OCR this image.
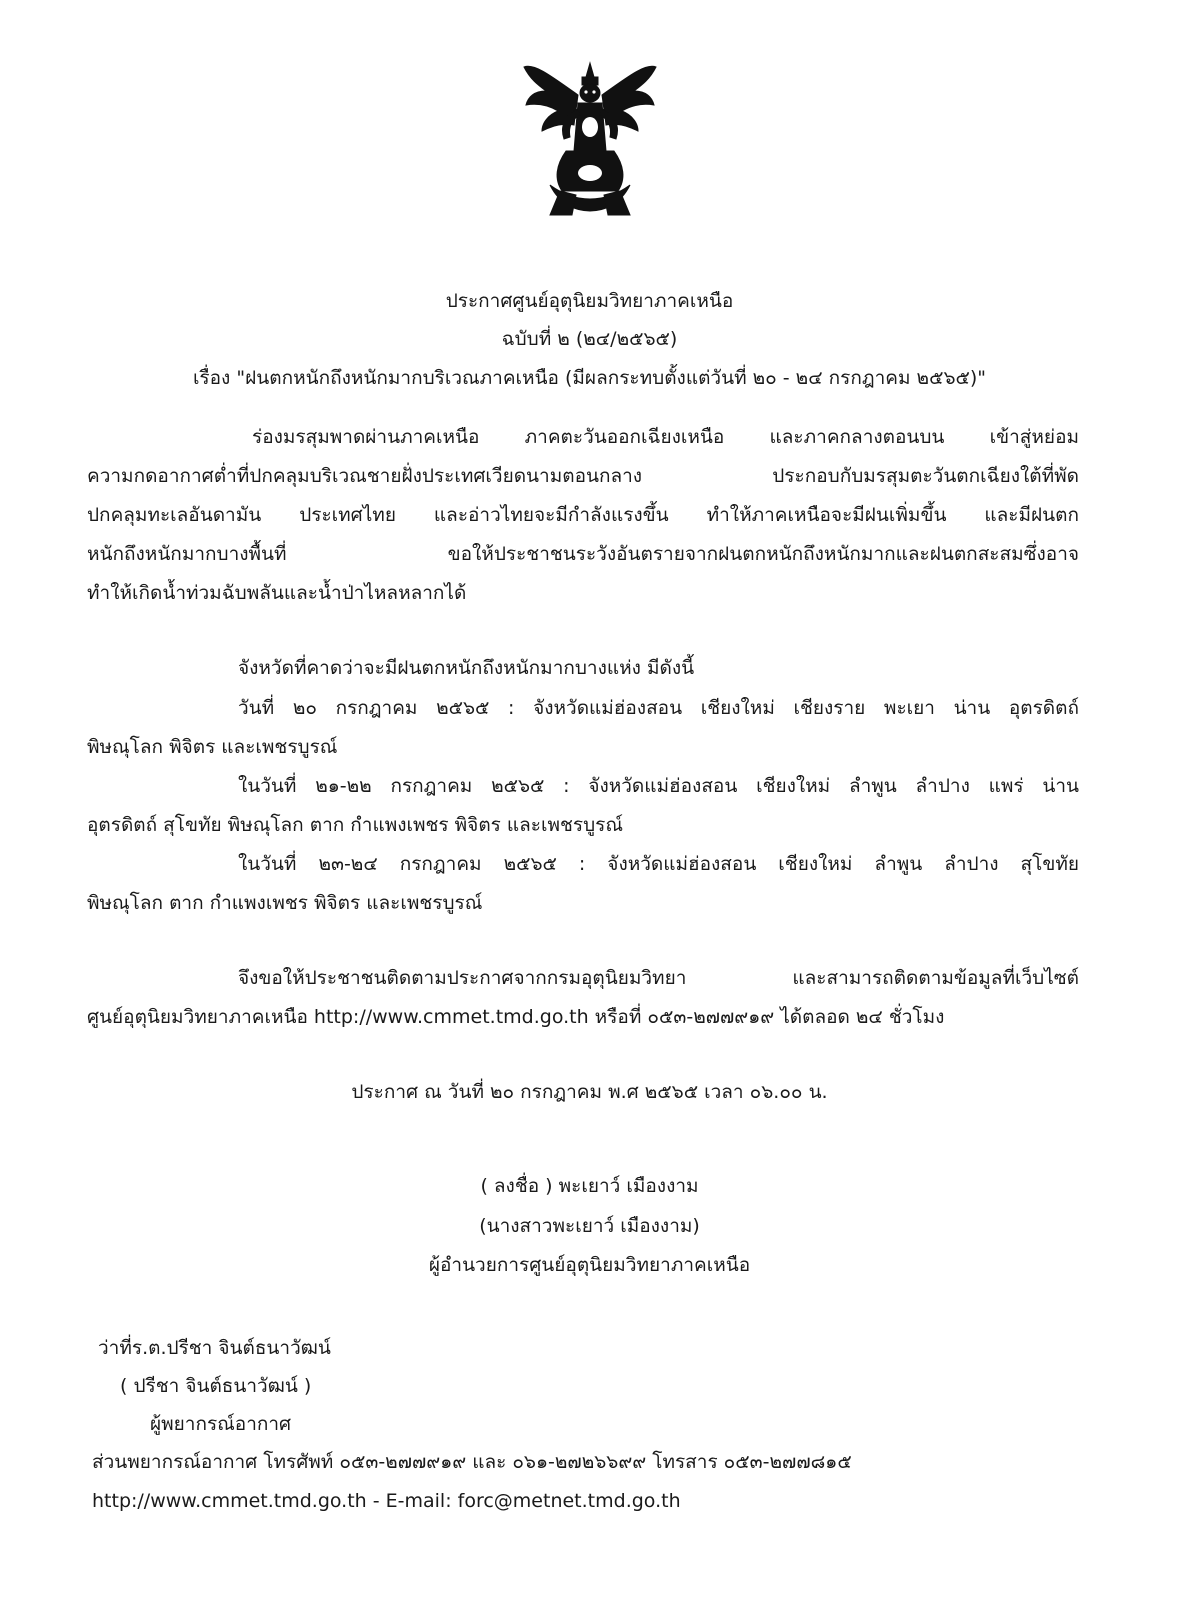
ประกาศศูนย์อุตุนิยมวิทยาภาคเหนือ
ฉบับที่ ๒ (๒๔/๒๕๖๕)
เรื่อง "ฝนตกหนักถึงหนักมากบริเวณภาคเหนือ (มีผลกระทบตั้งแต่วันที่ ๒๐ - ๒๔ กรกฎาคม ๒๕๖๕)"
ร่องมรสุมพาดผ่านภาคเหนือ ภาคตะวันออกเฉียงเหนือ และภาคกลางตอนบน เข้าสู่หย่อม
ความกดอากาศต่ำที่ปกคลุมบริเวณชายฝั่งประเทศเวียดนามตอนกลาง ประกอบกับมรสุมตะวันตกเฉียงใต้ที่พัด
ปกคลุมทะเลอันดามัน ประเทศไทย และอ่าวไทยจะมีกำลังแรงขึ้น ทำให้ภาคเหนือจะมีฝนเพิ่มขึ้น และมีฝนตก
หนักถึงหนักมากบางพื้นที่ ขอให้ประชาชนระวังอันตรายจากฝนตกหนักถึงหนักมากและฝนตกสะสมซึ่งอาจ
ทำให้เกิดน้ำท่วมฉับพลันและน้ำป่าไหลหลากได้
จังหวัดที่คาดว่าจะมีฝนตกหนักถึงหนักมากบางแห่ง มีดังนี้
วันที่ ๒๐ กรกฎาคม ๒๕๖๕ : จังหวัดแม่ฮ่องสอน เชียงใหม่ เชียงราย พะเยา น่าน อุตรดิตถ์
พิษณุโลก พิจิตร และเพชรบูรณ์
ในวันที่ ๒๑-๒๒ กรกฎาคม ๒๕๖๕ : จังหวัดแม่ฮ่องสอน เชียงใหม่ ลำพูน ลำปาง แพร่ น่าน
อุตรดิตถ์ สุโขทัย พิษณุโลก ตาก กำแพงเพชร พิจิตร และเพชรบูรณ์
ในวันที่ ๒๓-๒๔ กรกฎาคม ๒๕๖๕ : จังหวัดแม่ฮ่องสอน เชียงใหม่ ลำพูน ลำปาง สุโขทัย
พิษณุโลก ตาก กำแพงเพชร พิจิตร และเพชรบูรณ์
จึงขอให้ประชาชนติดตามประกาศจากกรมอุตุนิยมวิทยา และสามารถติดตามข้อมูลที่เว็บไซต์
ศูนย์อุตุนิยมวิทยาภาคเหนือ http://www.cmmet.tmd.go.th หรือที่ ๐๕๓-๒๗๗๙๑๙ ได้ตลอด ๒๔ ชั่วโมง
ประกาศ ณ วันที่ ๒๐ กรกฎาคม พ.ศ ๒๕๖๕ เวลา ๐๖.๐๐ น.
( ลงชื่อ ) พะเยาว์ เมืองงาม
(นางสาวพะเยาว์ เมืองงาม)
ผู้อำนวยการศูนย์อุตุนิยมวิทยาภาคเหนือ
ว่าที่ร.ต.ปรีชา จินต์ธนาวัฒน์
( ปรีชา จินต์ธนาวัฒน์ )
ผู้พยากรณ์อากาศ
ส่วนพยากรณ์อากาศ โทรศัพท์ ๐๕๓-๒๗๗๙๑๙ และ ๐๖๑-๒๗๒๖๖๙๙ โทรสาร ๐๕๓-๒๗๗๘๑๕
http://www.cmmet.tmd.go.th - E-mail: forc@metnet.tmd.go.th
